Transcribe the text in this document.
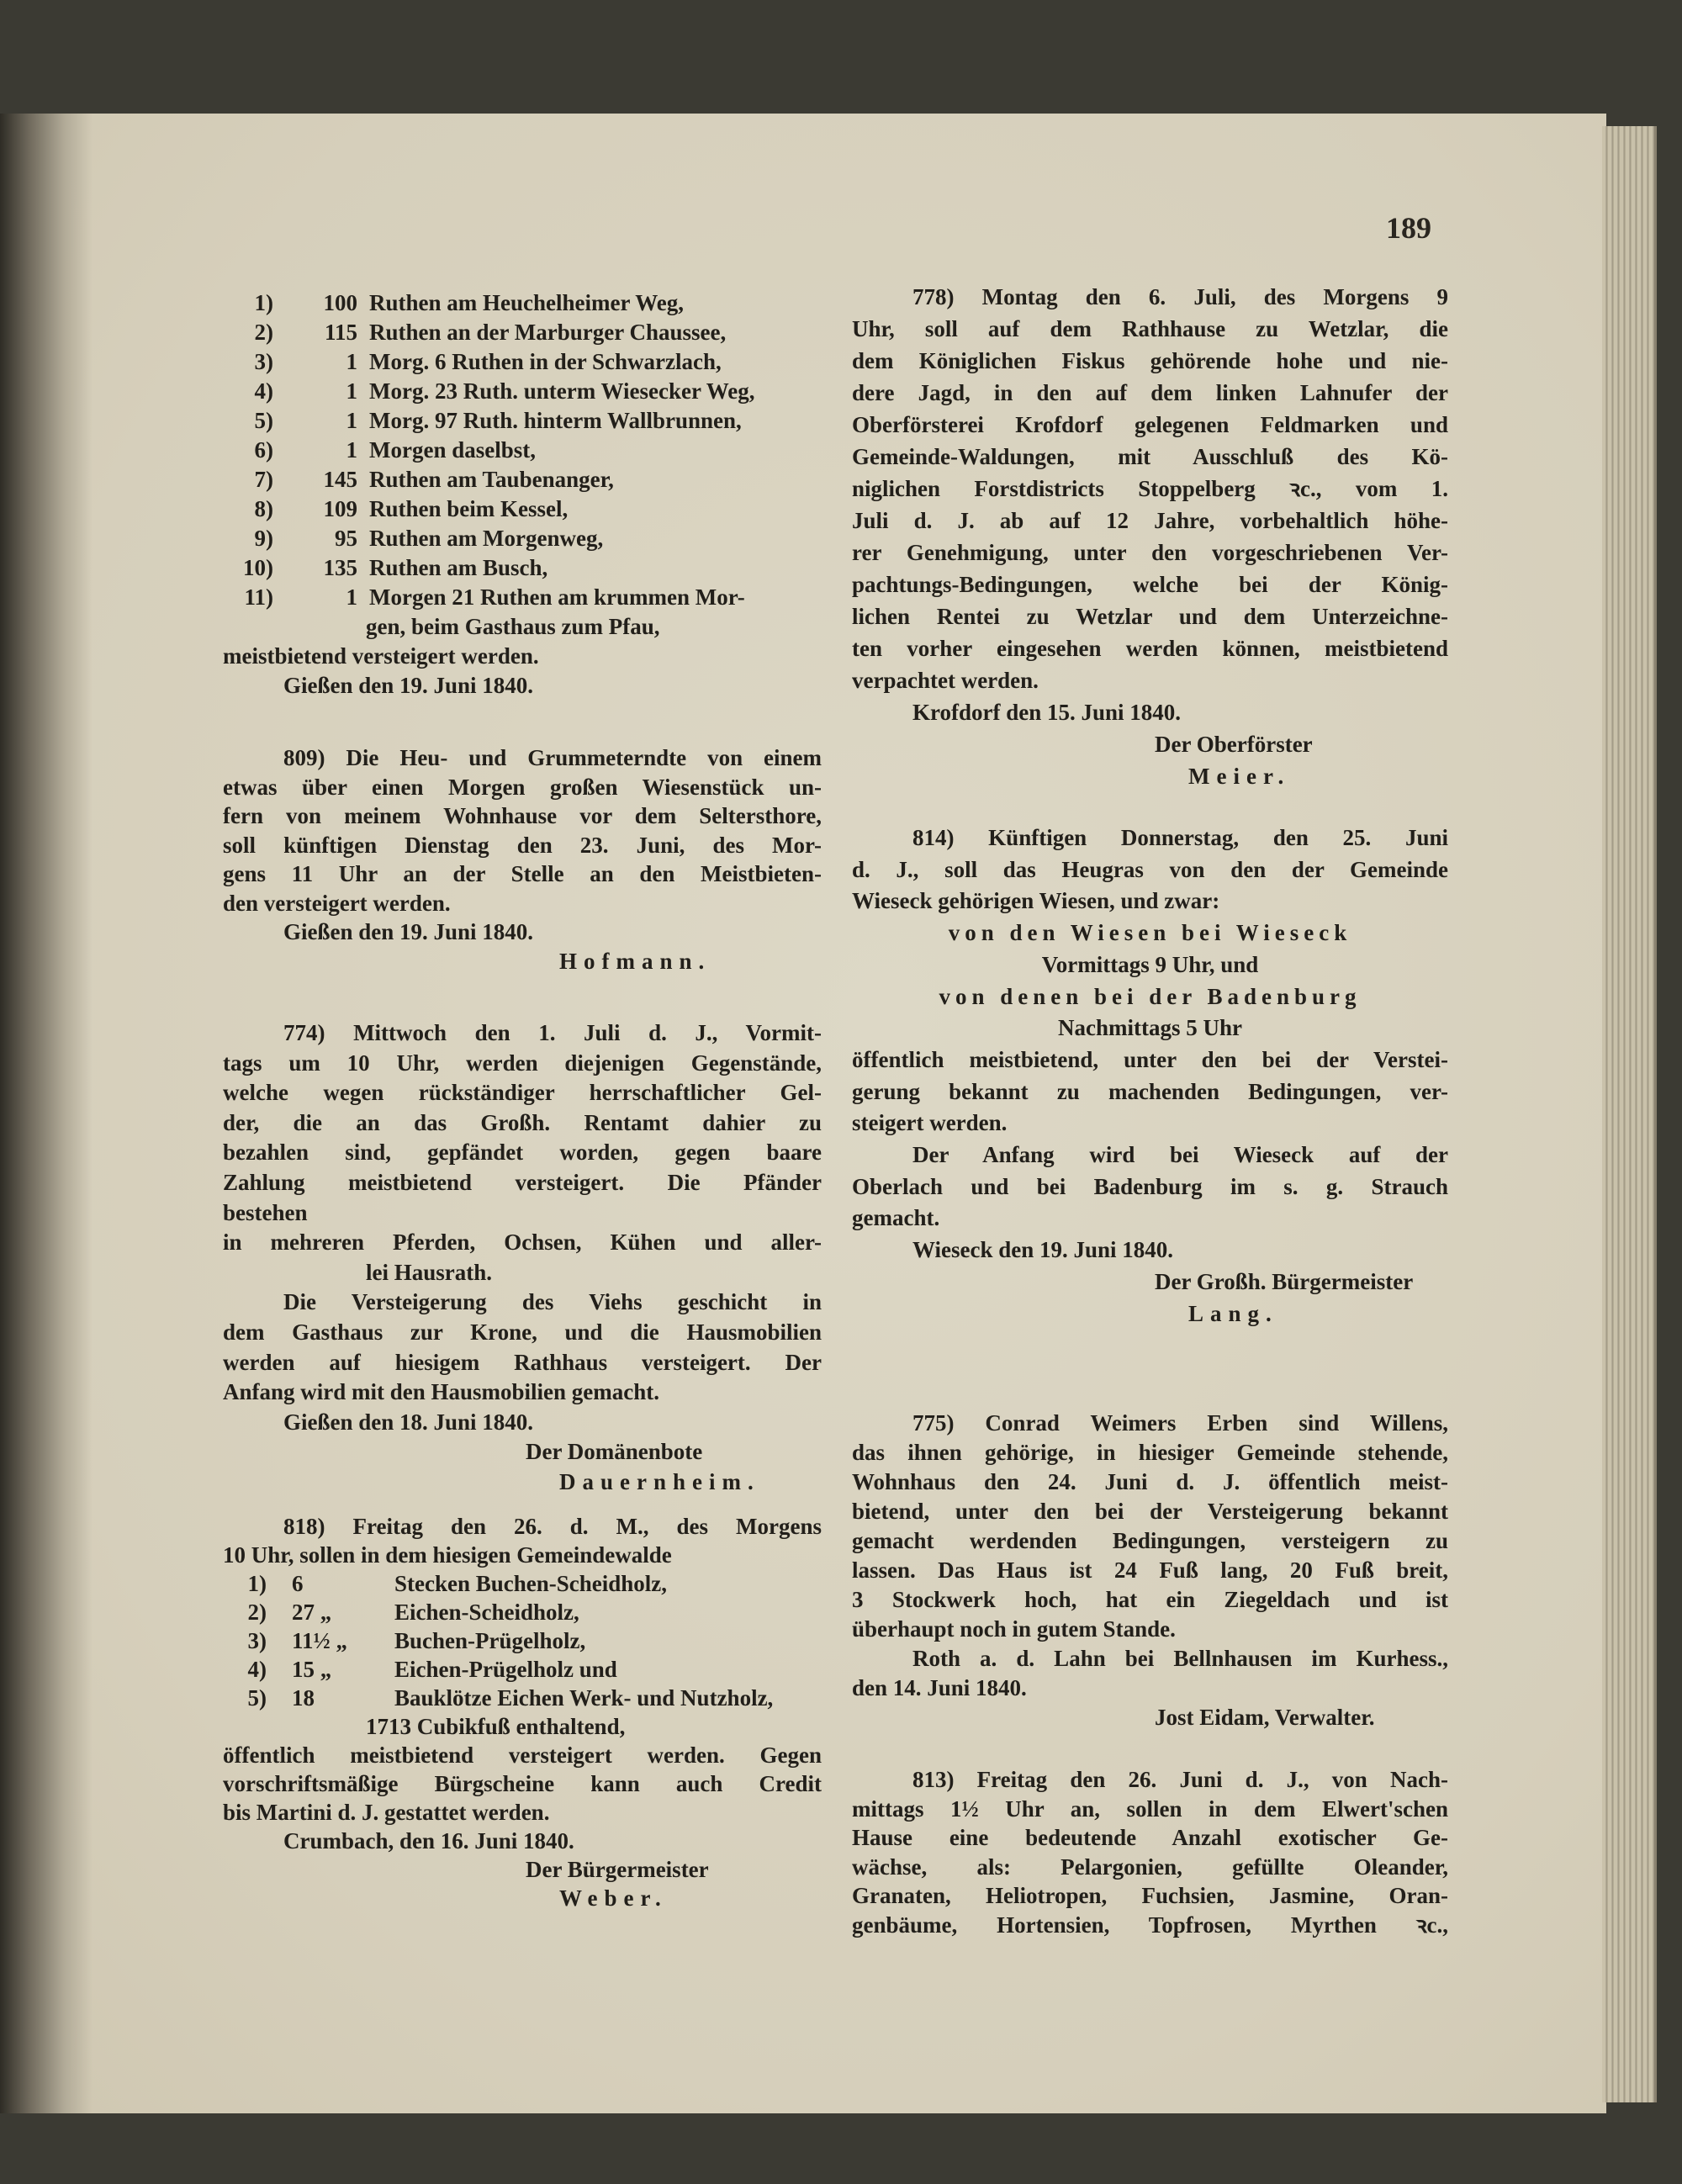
189
1)	100 Ruthen am Heuchelheimer Weg,
2)	115 Ruthen an der Marburger Chaussee,
3)	1 Morg. 6 Ruthen in der Schwarzlach,
4)	1 Morg. 23 Ruth. unterm Wiesecker Weg,
5)	1 Morg. 97 Ruth. hinterm Wallbrunnen,
6)	1 Morgen daselbst,
7)	145 Ruthen am Taubenanger,
8)	109 Ruthen beim Kessel,
9)	95 Ruthen am Morgenweg,
10)	135 Ruthen am Busch,
11)	1 Morgen 21 Ruthen am krummen Mor-
gen, beim Gasthaus zum Pfau,
meistbietend versteigert werden.
Gießen den 19. Juni 1840.
809) Die Heu- und Grummeterndte von einem
etwas über einen Morgen großen Wiesenstück un-
fern von meinem Wohnhause vor dem Seltersthore,
soll künftigen Dienstag den 23. Juni, des Mor-
gens 11 Uhr an der Stelle an den Meistbieten-
den versteigert werden.
Gießen den 19. Juni 1840.
Hofmann.
774) Mittwoch den 1. Juli d. J., Vormit-
tags um 10 Uhr, werden diejenigen Gegenstände,
welche wegen rückständiger herrschaftlicher Gel-
der, die an das Großh. Rentamt dahier zu
bezahlen sind, gepfändet worden, gegen baare
Zahlung meistbietend versteigert. Die Pfänder
bestehen
in mehreren Pferden, Ochsen, Kühen und aller-
lei Hausrath.
Die Versteigerung des Viehs geschicht in
dem Gasthaus zur Krone, und die Hausmobilien
werden auf hiesigem Rathhaus versteigert. Der
Anfang wird mit den Hausmobilien gemacht.
Gießen den 18. Juni 1840.
Der Domänenbote
Dauernheim.
818) Freitag den 26. d. M., des Morgens
10 Uhr, sollen in dem hiesigen Gemeindewalde
1)	6	Stecken Buchen-Scheidholz,
2)	27 „	Eichen-Scheidholz,
3)	11½ „	Buchen-Prügelholz,
4)	15 „	Eichen-Prügelholz und
5)	18	Bauklötze Eichen Werk- und Nutzholz,
1713 Cubikfuß enthaltend,
öffentlich meistbietend versteigert werden. Gegen
vorschriftsmäßige Bürgscheine kann auch Credit
bis Martini d. J. gestattet werden.
Crumbach, den 16. Juni 1840.
Der Bürgermeister
Weber.
778) Montag den 6. Juli, des Morgens 9
Uhr, soll auf dem Rathhause zu Wetzlar, die
dem Königlichen Fiskus gehörende hohe und nie-
dere Jagd, in den auf dem linken Lahnufer der
Oberförsterei Krofdorf gelegenen Feldmarken und
Gemeinde-Waldungen, mit Ausschluß des Kö-
niglichen Forstdistricts Stoppelberg ꝛc., vom 1.
Juli d. J. ab auf 12 Jahre, vorbehaltlich höhe-
rer Genehmigung, unter den vorgeschriebenen Ver-
pachtungs-Bedingungen, welche bei der König-
lichen Rentei zu Wetzlar und dem Unterzeichne-
ten vorher eingesehen werden können, meistbietend
verpachtet werden.
Krofdorf den 15. Juni 1840.
Der Oberförster
Meier.
814) Künftigen Donnerstag, den 25. Juni
d. J., soll das Heugras von den der Gemeinde
Wieseck gehörigen Wiesen, und zwar:
von den Wiesen bei Wieseck
Vormittags 9 Uhr, und
von denen bei der Badenburg
Nachmittags 5 Uhr
öffentlich meistbietend, unter den bei der Verstei-
gerung bekannt zu machenden Bedingungen, ver-
steigert werden.
Der Anfang wird bei Wieseck auf der
Oberlach und bei Badenburg im s. g. Strauch
gemacht.
Wieseck den 19. Juni 1840.
Der Großh. Bürgermeister
Lang.
775) Conrad Weimers Erben sind Willens,
das ihnen gehörige, in hiesiger Gemeinde stehende,
Wohnhaus den 24. Juni d. J. öffentlich meist-
bietend, unter den bei der Versteigerung bekannt
gemacht werdenden Bedingungen, versteigern zu
lassen. Das Haus ist 24 Fuß lang, 20 Fuß breit,
3 Stockwerk hoch, hat ein Ziegeldach und ist
überhaupt noch in gutem Stande.
Roth a. d. Lahn bei Bellnhausen im Kurhess.,
den 14. Juni 1840.
Jost Eidam, Verwalter.
813) Freitag den 26. Juni d. J., von Nach-
mittags 1½ Uhr an, sollen in dem Elwert'schen
Hause eine bedeutende Anzahl exotischer Ge-
wächse, als: Pelargonien, gefüllte Oleander,
Granaten, Heliotropen, Fuchsien, Jasmine, Oran-
genbäume, Hortensien, Topfrosen, Myrthen ꝛc.,
